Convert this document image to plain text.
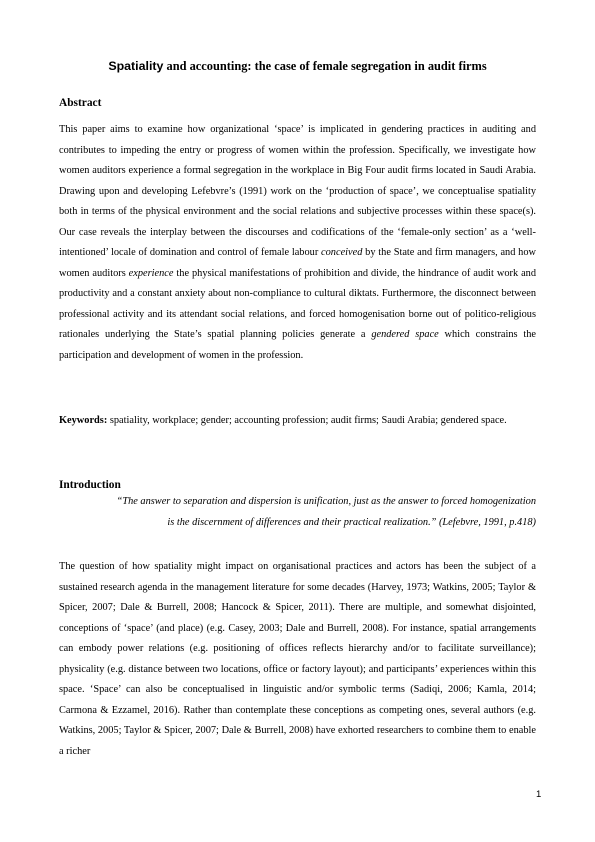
Spatiality and accounting: the case of female segregation in audit firms
Abstract

This paper aims to examine how organizational ‘space’ is implicated in gendering practices in auditing and contributes to impeding the entry or progress of women within the profession. Specifically, we investigate how women auditors experience a formal segregation in the workplace in Big Four audit firms located in Saudi Arabia. Drawing upon and developing Lefebvre’s (1991) work on the ‘production of space’, we conceptualise spatiality both in terms of the physical environment and the social relations and subjective processes within these space(s). Our case reveals the interplay between the discourses and codifications of the ‘female-only section’ as a ‘well-intentioned’ locale of domination and control of female labour conceived by the State and firm managers, and how women auditors experience the physical manifestations of prohibition and divide, the hindrance of audit work and productivity and a constant anxiety about non-compliance to cultural diktats. Furthermore, the disconnect between professional activity and its attendant social relations, and forced homogenisation borne out of politico-religious rationales underlying the State’s spatial planning policies generate a gendered space which constrains the participation and development of women in the profession.

Keywords: spatiality, workplace; gender; accounting profession; audit firms; Saudi Arabia; gendered space.

Introduction

“The answer to separation and dispersion is unification, just as the answer to forced homogenization
is the discernment of differences and their practical realization.” (Lefebvre, 1991, p.418)

The question of how spatiality might impact on organisational practices and actors has been the subject of a sustained research agenda in the management literature for some decades (Harvey, 1973; Watkins, 2005; Taylor & Spicer, 2007; Dale & Burrell, 2008; Hancock & Spicer, 2011). There are multiple, and somewhat disjointed, conceptions of ‘space’ (and place) (e.g. Casey, 2003; Dale and Burrell, 2008). For instance, spatial arrangements can embody power relations (e.g. positioning of offices reflects hierarchy and/or to facilitate surveillance); physicality (e.g. distance between two locations, office or factory layout); and participants’ experiences within this space. ‘Space’ can also be conceptualised in linguistic and/or symbolic terms (Sadiqi, 2006; Kamla, 2014; Carmona & Ezzamel, 2016). Rather than contemplate these conceptions as competing ones, several authors (e.g. Watkins, 2005; Taylor & Spicer, 2007; Dale & Burrell, 2008) have exhorted researchers to combine them to enable a richer

1
